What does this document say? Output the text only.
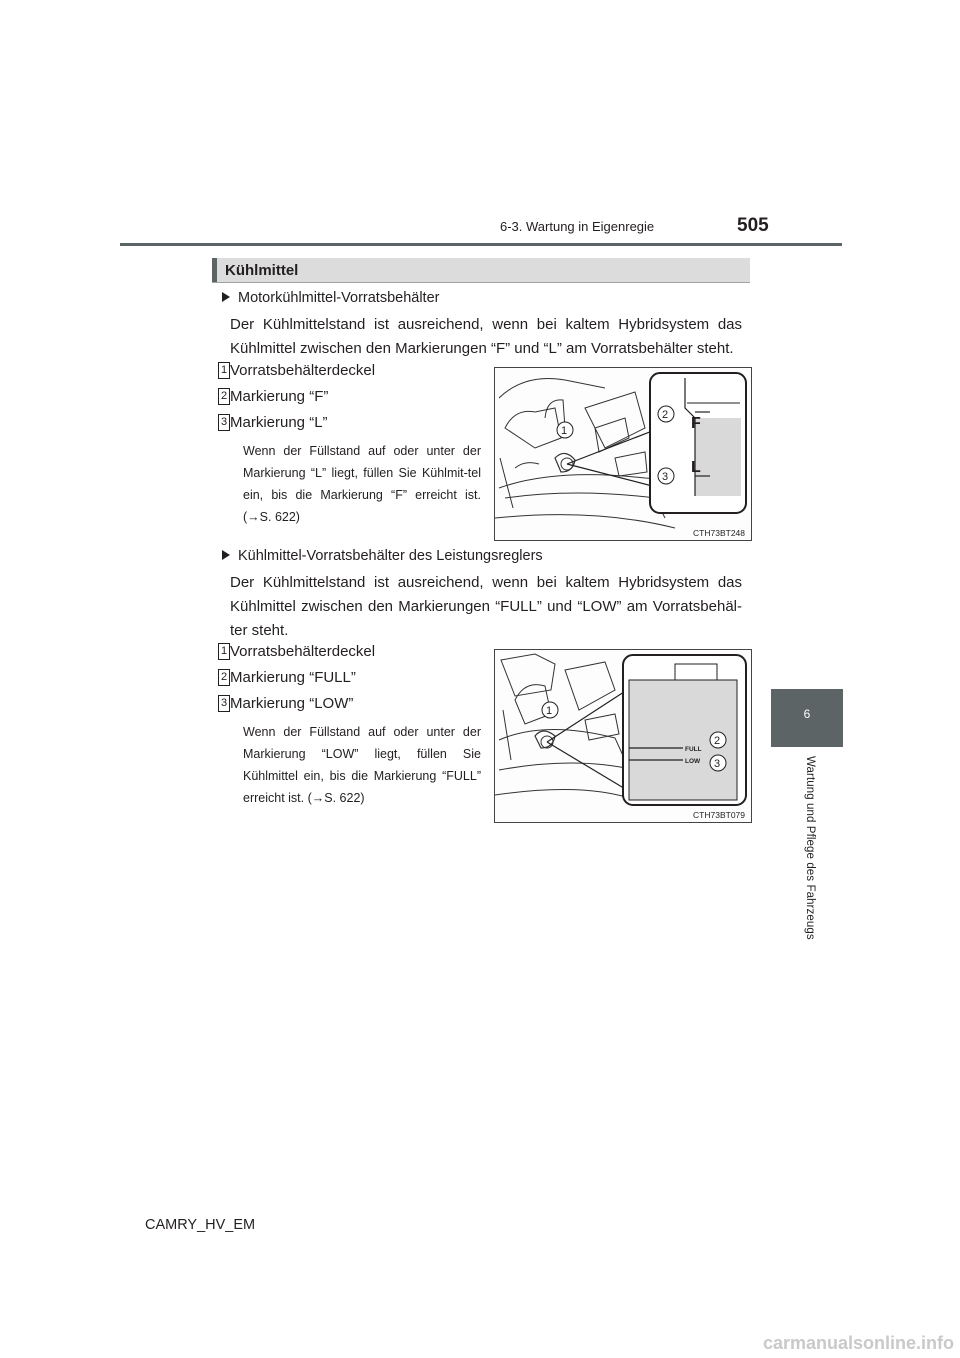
6-3. Wartung in Eigenregie	505
6
Wartung und Pflege des Fahrzeugs
Kühlmittel
Motorkühlmittel-Vorratsbehälter
Der Kühlmittelstand ist ausreichend, wenn bei kaltem Hybridsystem das Kühlmittel zwischen den Markierungen “F” und “L” am Vorratsbehälter steht.
1 Vorratsbehälterdeckel
2 Markierung “F”
3 Markierung “L”
Wenn der Füllstand auf oder unter der Markierung “L” liegt, füllen Sie Kühlmit-tel ein, bis die Markierung “F” erreicht ist. (→S. 622)
F
L
1
2
3
CTH73BT248
Kühlmittel-Vorratsbehälter des Leistungsreglers
Der Kühlmittelstand ist ausreichend, wenn bei kaltem Hybridsystem das Kühlmittel zwischen den Markierungen “FULL” und “LOW” am Vorratsbehäl-ter steht.
1 Vorratsbehälterdeckel
2 Markierung “FULL”
3 Markierung “LOW”
Wenn der Füllstand auf oder unter der Markierung “LOW” liegt, füllen Sie Kühlmittel ein, bis die Markierung “FULL” erreicht ist. (→S. 622)
FULL
LOW
1
2
3
CTH73BT079
CAMRY_HV_EM
carmanualsonline.info
